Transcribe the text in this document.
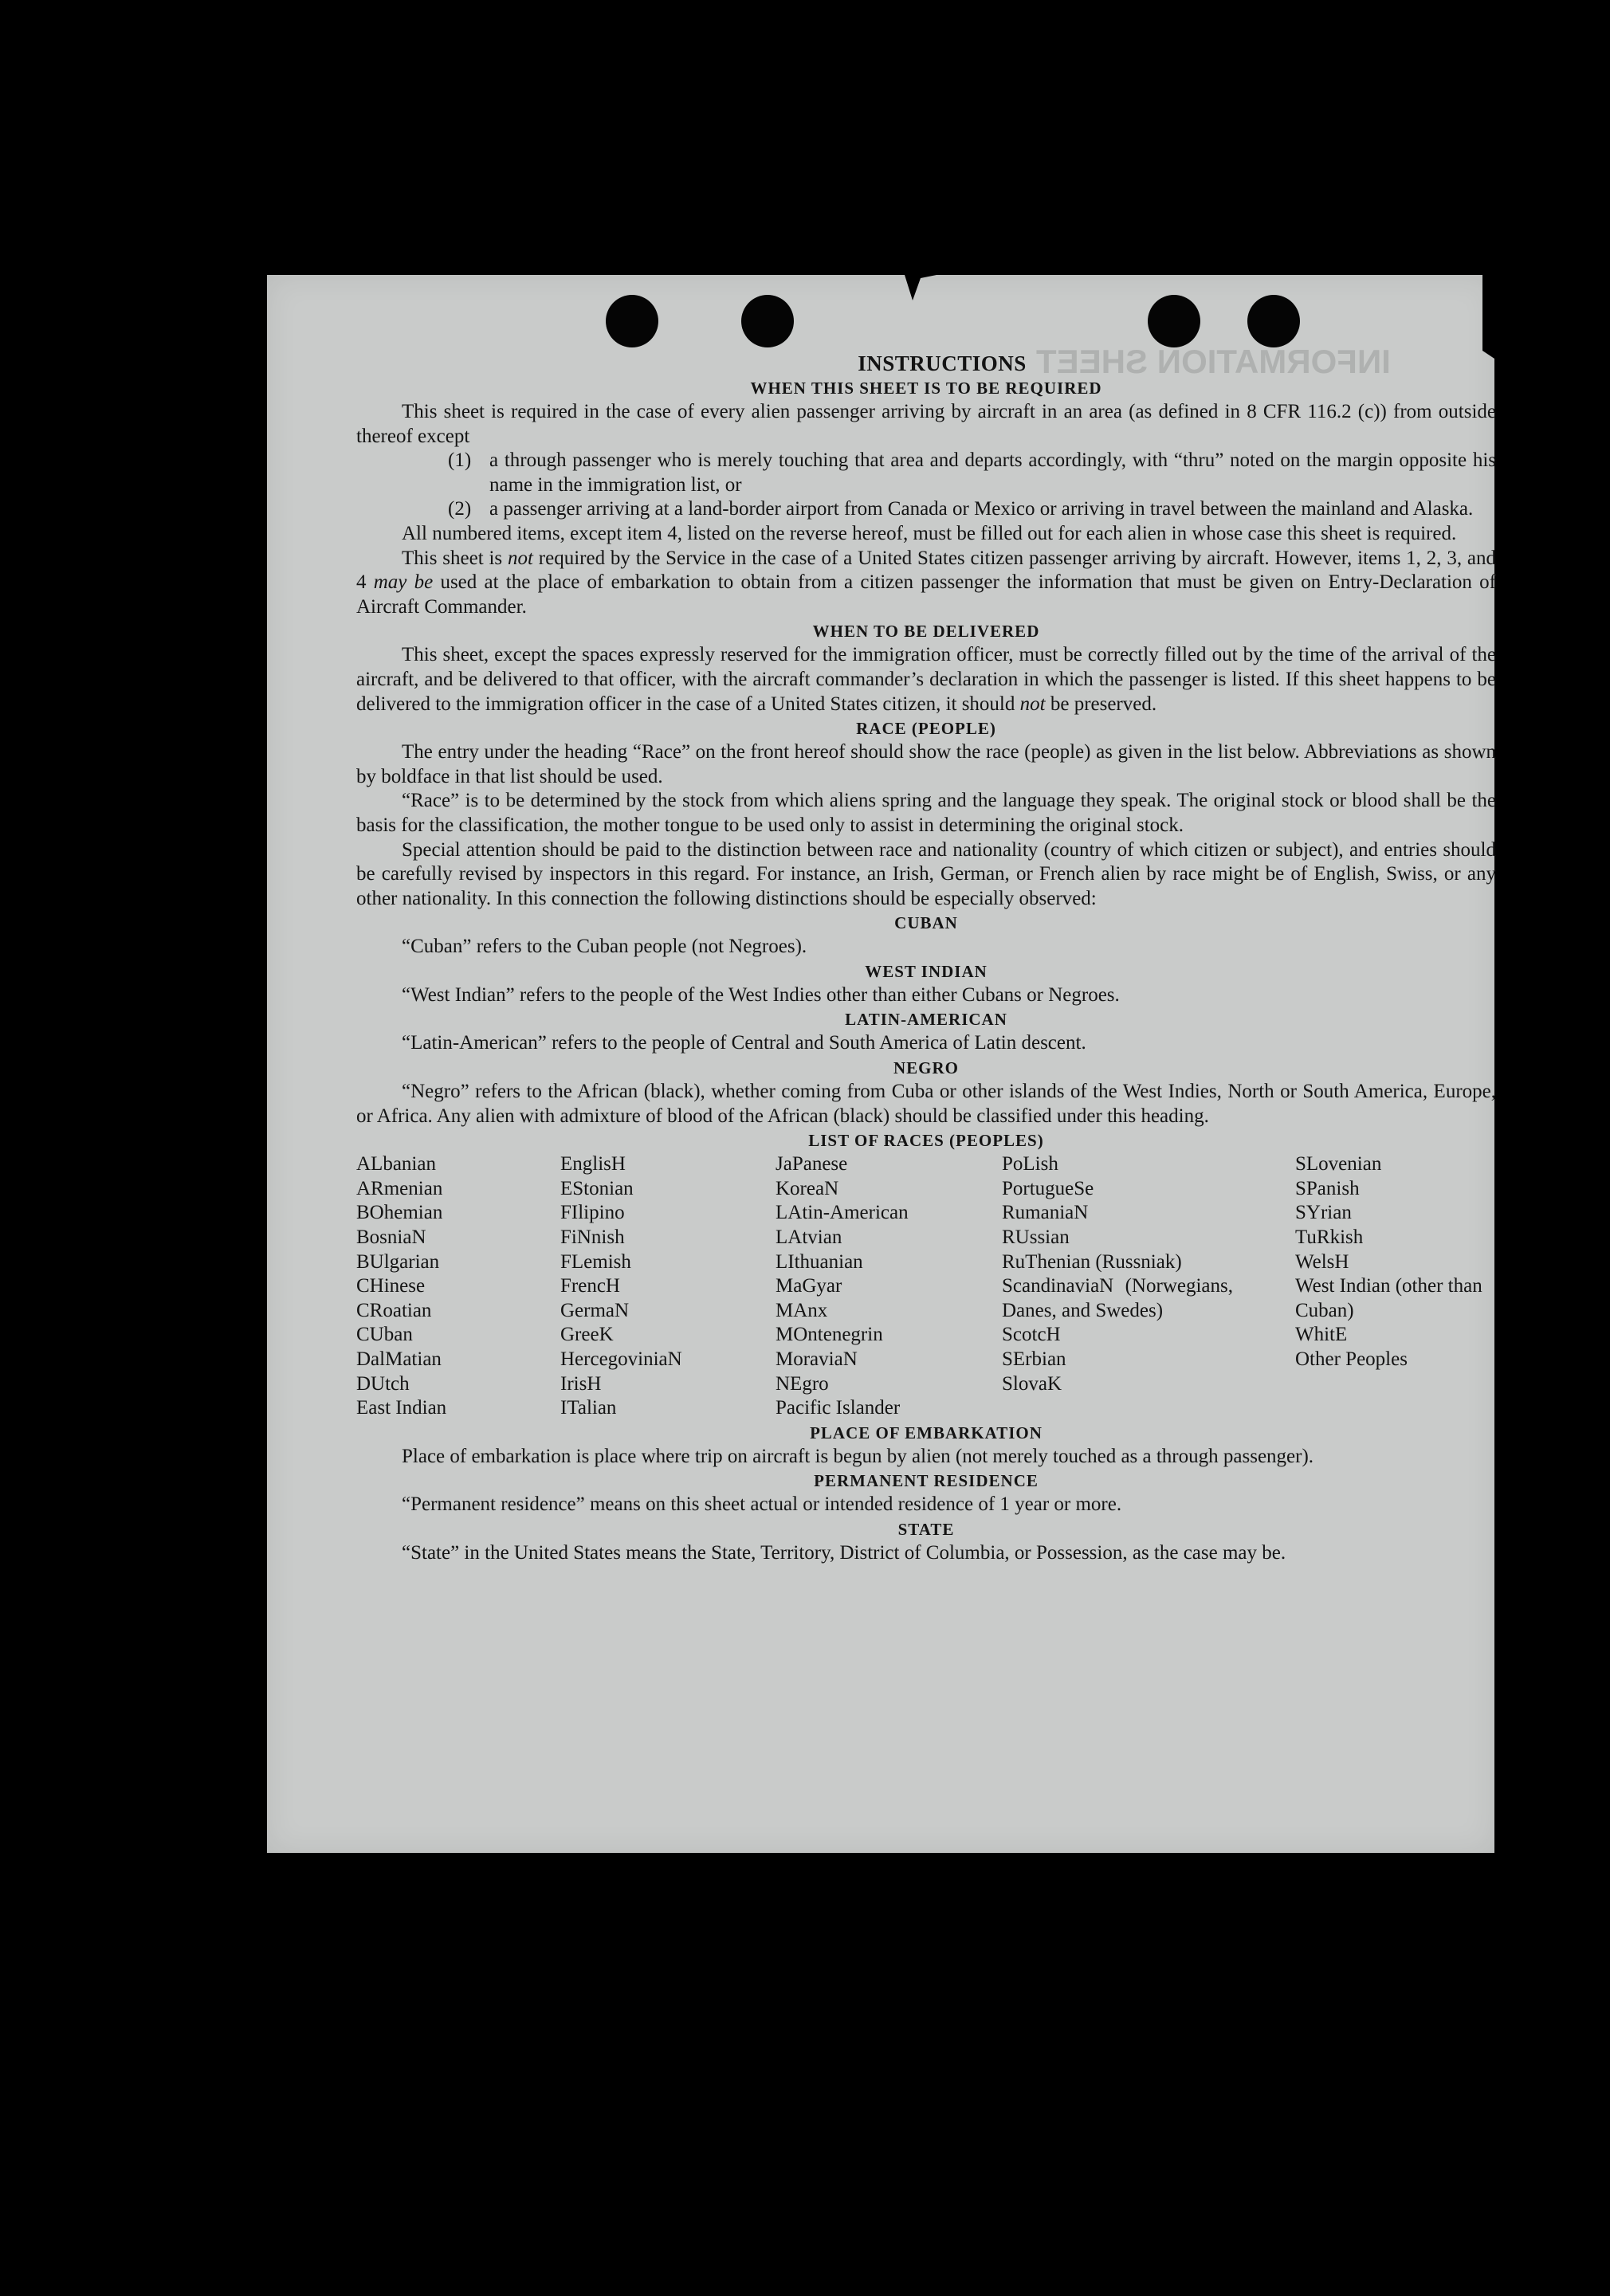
INFORMATION SHEET
INSTRUCTIONS
WHEN THIS SHEET IS TO BE REQUIRED

This sheet is required in the case of every alien passenger arriving by aircraft in an area (as defined in 8 CFR 116.2 (c)) from outside thereof except

(1) a through passenger who is merely touching that area and departs accordingly, with “thru” noted on the margin opposite his name in the immigration list, or
(2) a passenger arriving at a land-border airport from Canada or Mexico or arriving in travel between the mainland and Alaska.

All numbered items, except item 4, listed on the reverse hereof, must be filled out for each alien in whose case this sheet is required.

This sheet is not required by the Service in the case of a United States citizen passenger arriving by aircraft. However, items 1, 2, 3, and 4 may be used at the place of embarkation to obtain from a citizen passenger the information that must be given on Entry-Declaration of Aircraft Commander.

WHEN TO BE DELIVERED

This sheet, except the spaces expressly reserved for the immigration officer, must be correctly filled out by the time of the arrival of the aircraft, and be delivered to that officer, with the aircraft commander’s declaration in which the passenger is listed. If this sheet happens to be delivered to the immigration officer in the case of a United States citizen, it should not be preserved.

RACE (PEOPLE)

The entry under the heading “Race” on the front hereof should show the race (people) as given in the list below. Abbreviations as shown by boldface in that list should be used.

“Race” is to be determined by the stock from which aliens spring and the language they speak. The original stock or blood shall be the basis for the classification, the mother tongue to be used only to assist in determining the original stock.

Special attention should be paid to the distinction between race and nationality (country of which citizen or subject), and entries should be carefully revised by inspectors in this regard. For instance, an Irish, German, or French alien by race might be of English, Swiss, or any other nationality. In this connection the following distinctions should be especially observed:

CUBAN

“Cuban” refers to the Cuban people (not Negroes).

WEST INDIAN

“West Indian” refers to the people of the West Indies other than either Cubans or Negroes.

LATIN-AMERICAN

“Latin-American” refers to the people of Central and South America of Latin descent.

NEGRO

“Negro” refers to the African (black), whether coming from Cuba or other islands of the West Indies, North or South America, Europe, or Africa. Any alien with admixture of blood of the African (black) should be classified under this heading.

LIST OF RACES (PEOPLES)
ALbanian
ARmenian
BOhemian
BosniaN
BUlgarian
CHinese
CRoatian
CUban
DalMatian
DUtch
East Indian
EnglisH
EStonian
FIlipino
FiNnish
FLemish
FrencH
GermaN
GreeK
HercegoviniaN
IrisH
ITalian
JaPanese
KoreaN
LAtin-American
LAtvian
LIthuanian
MaGyar
MAnx
MOntenegrin
MoraviaN
NEgro
Pacific Islander
PoLish
PortugueSe
RumaniaN
RUssian
RuThenian (Russniak)
ScandinaviaN (Norwegians, Danes, and Swedes)
ScotcH
SErbian
SlovaK
SLovenian
SPanish
SYrian
TuRkish
WelsH
West Indian (other than Cuban)
WhitE
Other Peoples
PLACE OF EMBARKATION

Place of embarkation is place where trip on aircraft is begun by alien (not merely touched as a through passenger).

PERMANENT RESIDENCE

“Permanent residence” means on this sheet actual or intended residence of 1 year or more.

STATE

“State” in the United States means the State, Territory, District of Columbia, or Possession, as the case may be.
